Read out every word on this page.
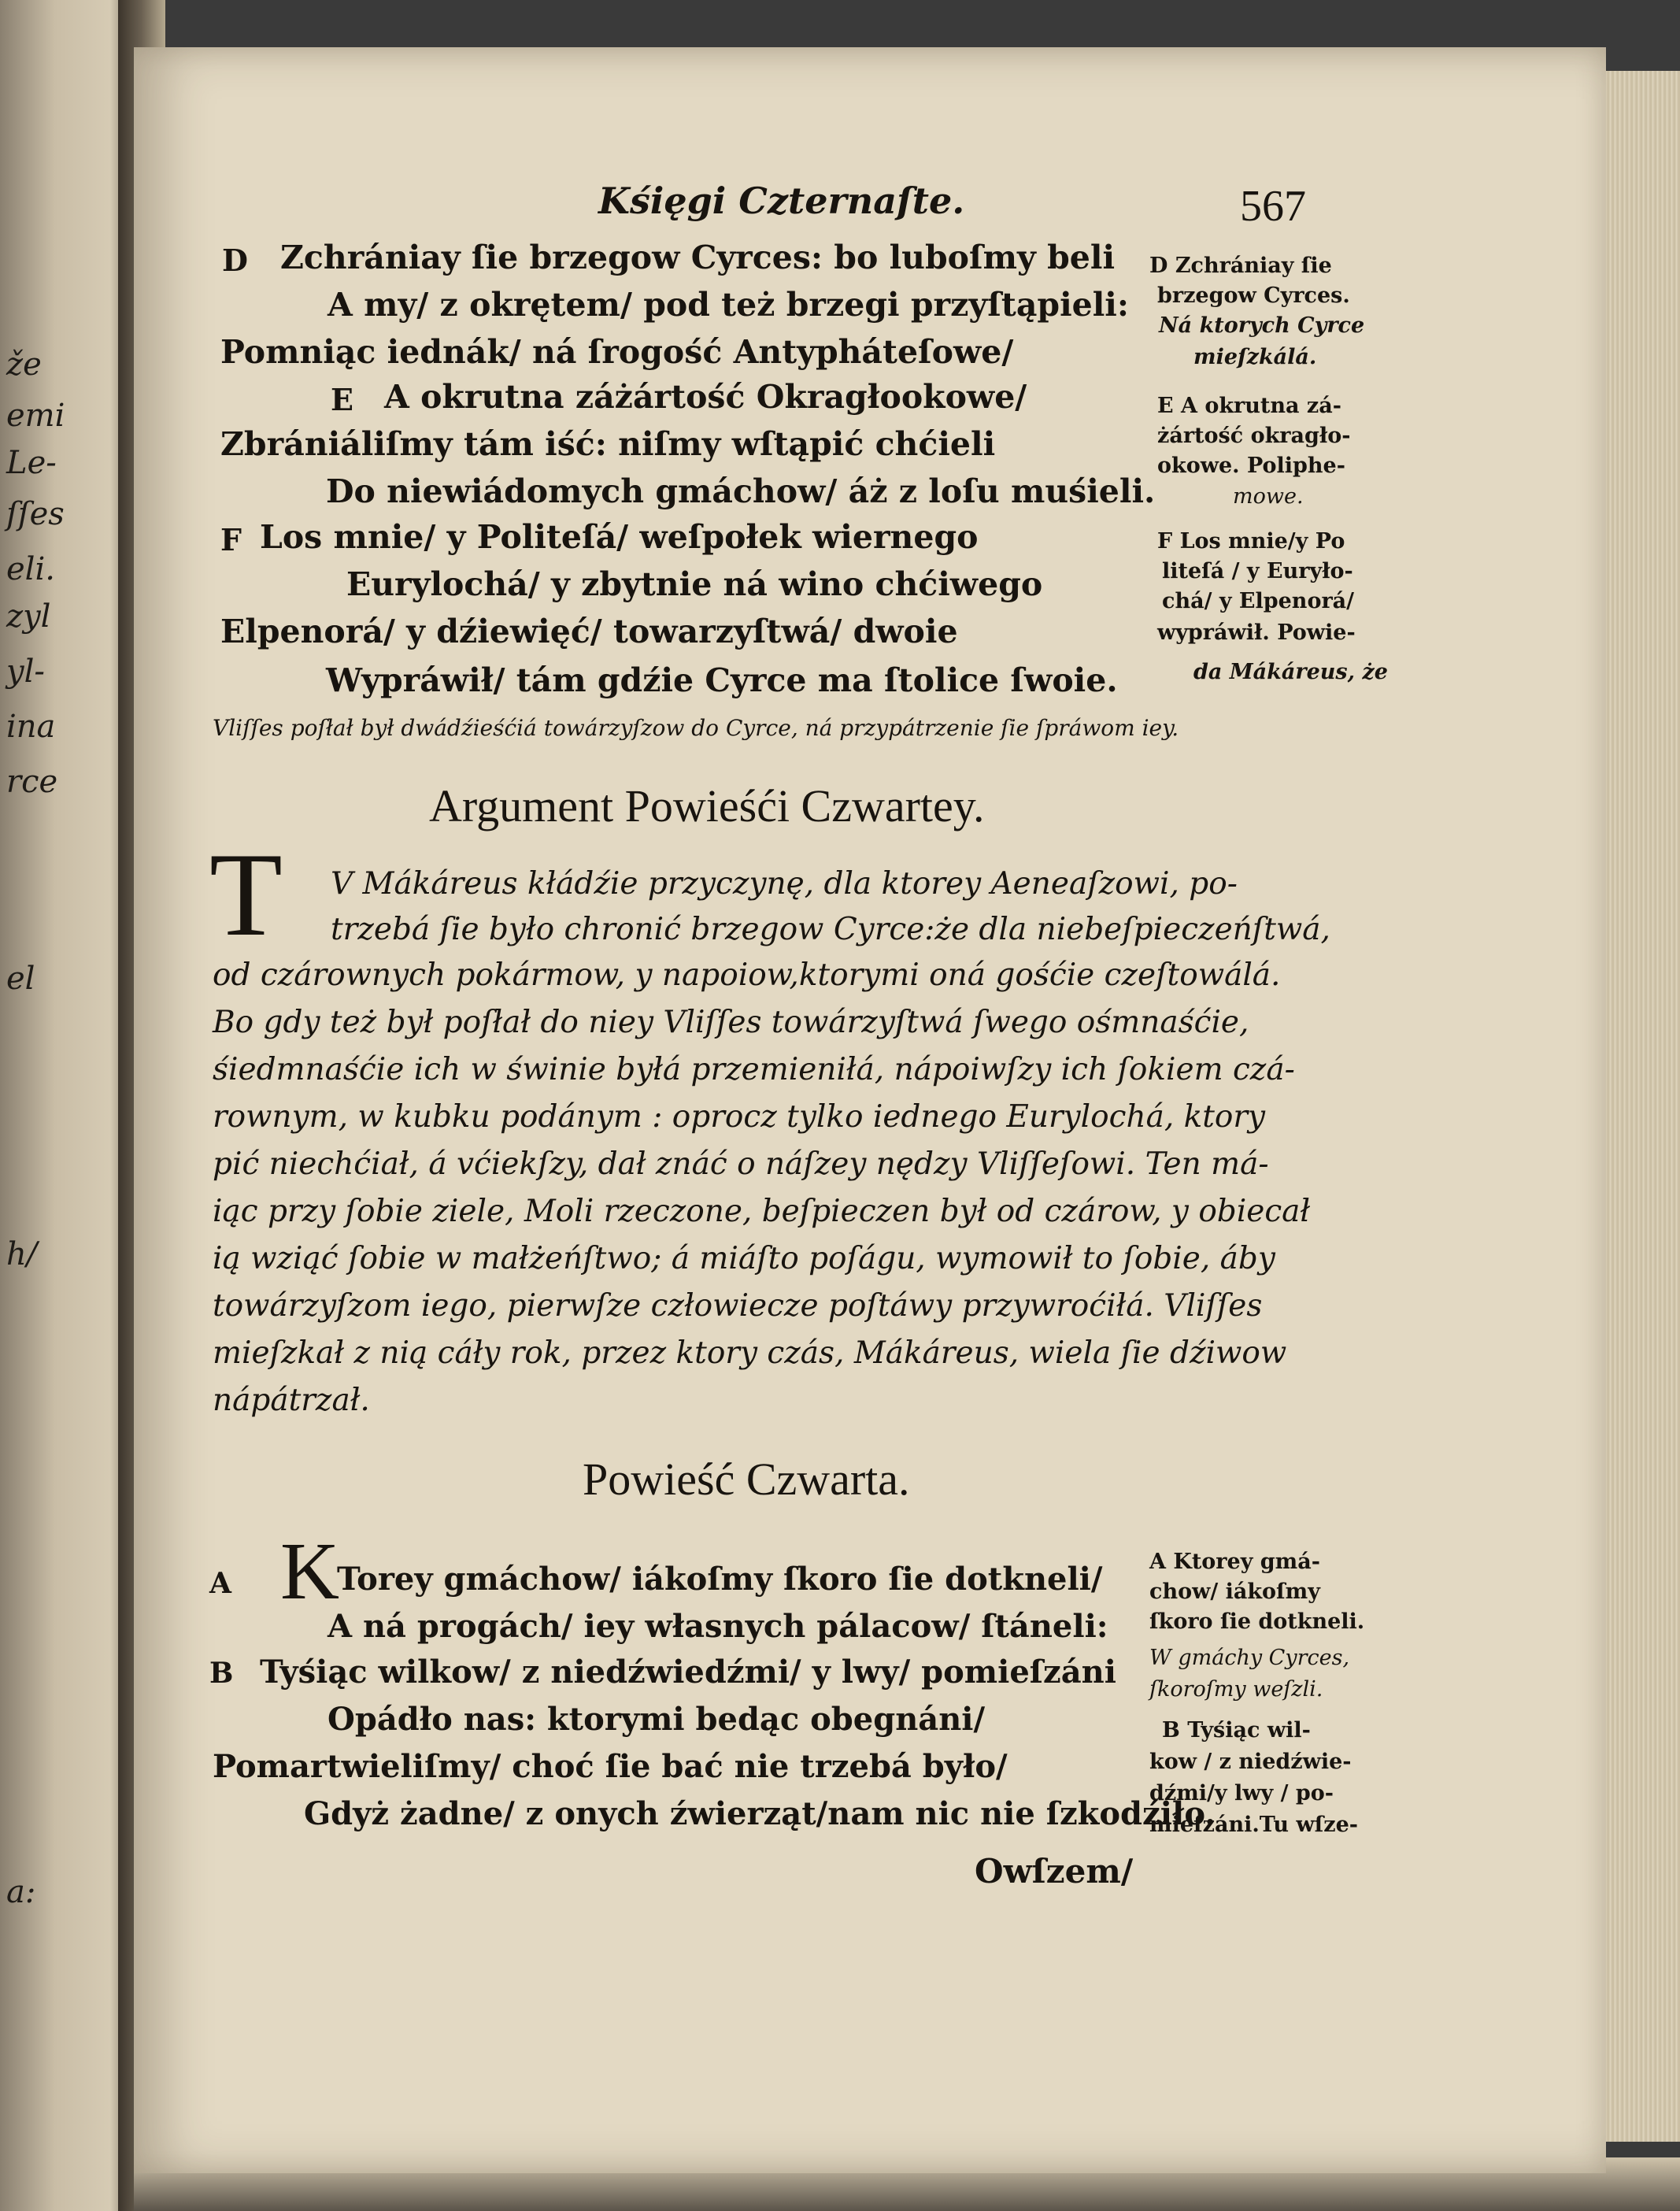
že
emi
Le-
ſſes
eli.
zyl
yl-
ina
rce
el
h/
a:
Kśięgi Czternaſte.	567
D Zchrániay ſie brzegow Cyrces: bo luboſmy beli
A my/ z okrętem/ pod też brzegi przyſtąpieli:
Pomniąc iednák/ ná ſrogość Antypháteſowe/
E A okrutna záżártość Okragłookowe/
Zbrániáliſmy tám iść: niſmy wſtąpić chćieli
Do niewiádomych gmáchow/ áż z loſu muśieli.
F Los mnie/ y Politeſá/ weſpołek wiernego
Eurylochá/ y zbytnie ná wino chćiwego
Elpenorá/ y dźiewięć/ towarzyſtwá/ dwoie
Wypráwił/ tám gdźie Cyrce ma ſtolice ſwoie.
Vliſſes poſłał był dwádźieśćiá towárzyſzow do Cyrce, ná przypátrzenie ſie ſpráwom iey.
D Zchrániay ſie
brzegow Cyrces.
Ná ktorych Cyrce
mieſzkálá.
E A okrutna zá-
żártość okragło-
okowe. Poliphe-
mowe.
F Los mnie/y Po
liteſá / y Euryło-
chá/ y Elpenorá/
wypráwił. Powie-
da Mákáreus, że
Argument Powieśći Czwartey.
T V Mákáreus kłádźie przyczynę, dla ktorey Aeneaſzowi, po-
trzebá ſie było chronić brzegow Cyrce:że dla niebeſpieczeńſtwá,
od czárownych pokármow, y napoiow,ktorymi oná gośćie czeſtowálá.
Bo gdy też był poſłał do niey Vliſſes towárzyſtwá ſwego ośmnaśćie,
śiedmnaśćie ich w świnie byłá przemieniłá, nápoiwſzy ich ſokiem czá-
rownym, w kubku podánym : oprocz tylko iednego Eurylochá, ktory
pić niechćiał, á vćiekſzy, dał znáć o náſzey nędzy Vliſſeſowi. Ten má-
iąc przy ſobie ziele, Moli rzeczone, beſpieczen był od czárow, y obiecał
ią wziąć ſobie w małżeńſtwo; á miáſto poſágu, wymowił to ſobie, áby
towárzyſzom iego, pierwſze człowiecze poſtáwy przywroćiłá. Vliſſes
mieſzkał z nią cáły rok, przez ktory czás, Mákáreus, wiela ſie dźiwow
nápátrzał.
Powieść Czwarta.
A K
Torey gmáchow/ iákoſmy ſkoro ſie dotkneli/
A ná progách/ iey własnych pálacow/ ſtáneli:
B Tyśiąc wilkow/ z niedźwiedźmi/ y lwy/ pomieſzáni
Opádło nas: ktorymi bedąc obegnáni/
Pomartwieliſmy/ choć ſie bać nie trzebá było/
Gdyż żadne/ z onych źwierząt/nam nic nie ſzkodźiło.
Owſzem/
A Ktorey gmá-
chow/ iákoſmy
ſkoro ſie dotkneli.
W gmáchy Cyrces,
ſkoroſmy weſzli.
B Tyśiąc wil-
kow / z niedźwie-
dźmi/y lwy / po-
mieſzáni.Tu wſze-
